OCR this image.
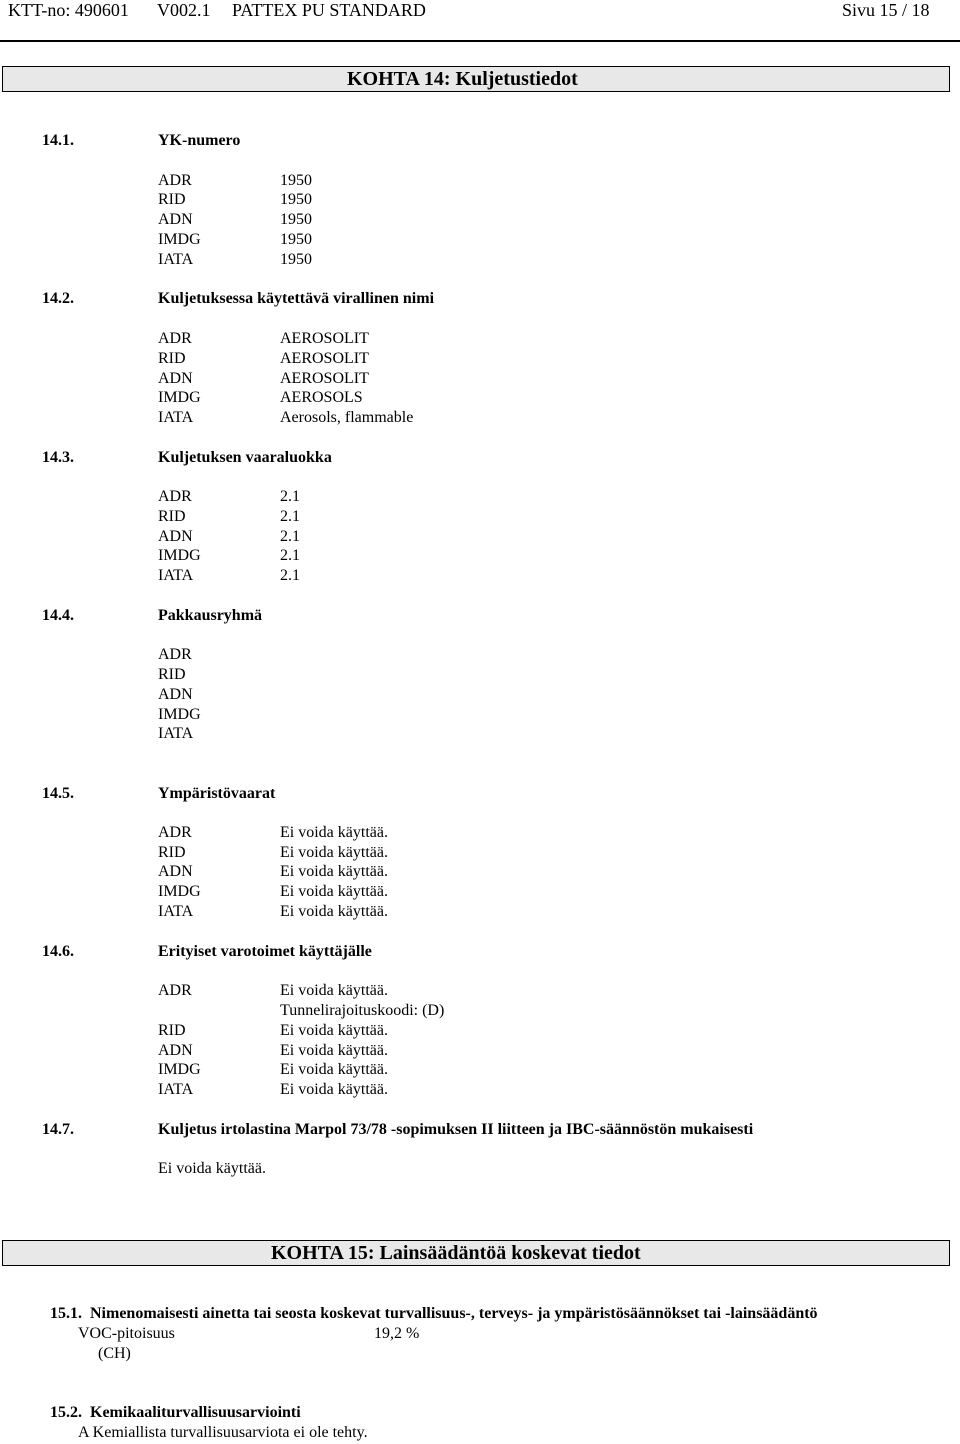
KTT-no: 490601 V002.1 PATTEX PU STANDARD	Sivu 15 / 18
KOHTA 14: Kuljetustiedot
14.1.	YK-numero
ADR	1950
RID	1950
ADN	1950
IMDG	1950
IATA	1950
14.2.	Kuljetuksessa käytettävä virallinen nimi
ADR	AEROSOLIT
RID	AEROSOLIT
ADN	AEROSOLIT
IMDG	AEROSOLS
IATA	Aerosols, flammable
14.3.	Kuljetuksen vaaraluokka
ADR	2.1
RID	2.1
ADN	2.1
IMDG	2.1
IATA	2.1
14.4.	Pakkausryhmä
ADR
RID
ADN
IMDG
IATA
14.5.	Ympäristövaarat
ADR	Ei voida käyttää.
RID	Ei voida käyttää.
ADN	Ei voida käyttää.
IMDG	Ei voida käyttää.
IATA	Ei voida käyttää.
14.6.	Erityiset varotoimet käyttäjälle
ADR	Ei voida käyttää.
Tunnelirajoituskoodi: (D)
RID	Ei voida käyttää.
ADN	Ei voida käyttää.
IMDG	Ei voida käyttää.
IATA	Ei voida käyttää.
14.7.	Kuljetus irtolastina Marpol 73/78 -sopimuksen II liitteen ja IBC-säännöstön mukaisesti
Ei voida käyttää.
KOHTA 15: Lainsäädäntöä koskevat tiedot
15.1. Nimenomaisesti ainetta tai seosta koskevat turvallisuus-, terveys- ja ympäristösäännökset tai -lainsäädäntö
VOC-pitoisuus	19,2 %
(CH)
15.2. Kemikaaliturvallisuusarviointi
A Kemiallista turvallisuusarviota ei ole tehty.
